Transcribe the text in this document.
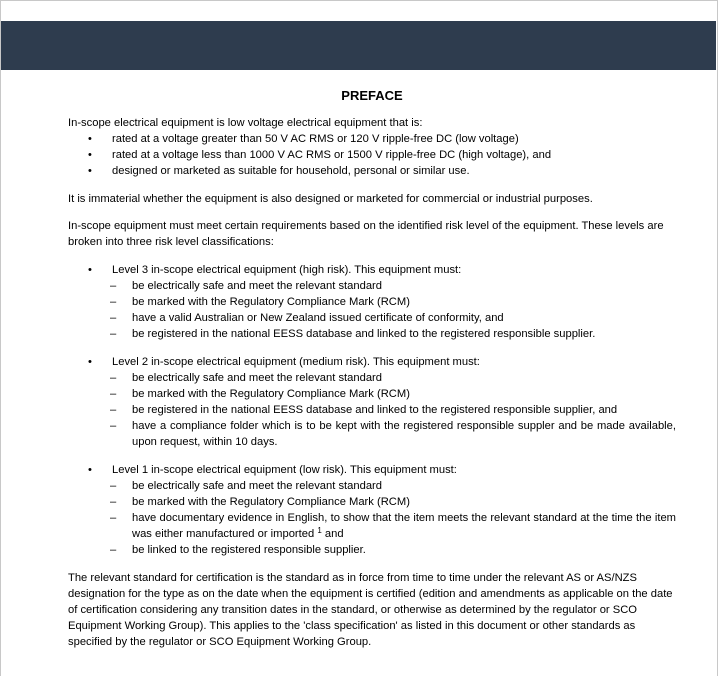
PREFACE

In-scope electrical equipment is low voltage electrical equipment that is:

• rated at a voltage greater than 50 V AC RMS or 120 V ripple-free DC (low voltage)
• rated at a voltage less than 1000 V AC RMS or 1500 V ripple-free DC (high voltage), and
• designed or marketed as suitable for household, personal or similar use.

It is immaterial whether the equipment is also designed or marketed for commercial or industrial purposes.

In-scope equipment must meet certain requirements based on the identified risk level of the equipment. These levels are broken into three risk level classifications:

• Level 3 in-scope electrical equipment (high risk). This equipment must:
– be electrically safe and meet the relevant standard
– be marked with the Regulatory Compliance Mark (RCM)
– have a valid Australian or New Zealand issued certificate of conformity, and
– be registered in the national EESS database and linked to the registered responsible supplier.
• Level 2 in-scope electrical equipment (medium risk). This equipment must:
– be electrically safe and meet the relevant standard
– be marked with the Regulatory Compliance Mark (RCM)
– be registered in the national EESS database and linked to the registered responsible supplier, and
– have a compliance folder which is to be kept with the registered responsible suppler and be made available, upon request, within 10 days.
• Level 1 in-scope electrical equipment (low risk). This equipment must:
– be electrically safe and meet the relevant standard
– be marked with the Regulatory Compliance Mark (RCM)
– have documentary evidence in English, to show that the item meets the relevant standard at the time the item was either manufactured or imported $^1$ and
– be linked to the registered responsible supplier.

The relevant standard for certification is the standard as in force from time to time under the relevant AS or AS/NZS designation for the type as on the date when the equipment is certified (edition and amendments as applicable on the date of certification considering any transition dates in the standard, or otherwise as determined by the regulator or SCO Equipment Working Group). This applies to the 'class specification' as listed in this document or other standards as specified by the regulator or SCO Equipment Working Group.
